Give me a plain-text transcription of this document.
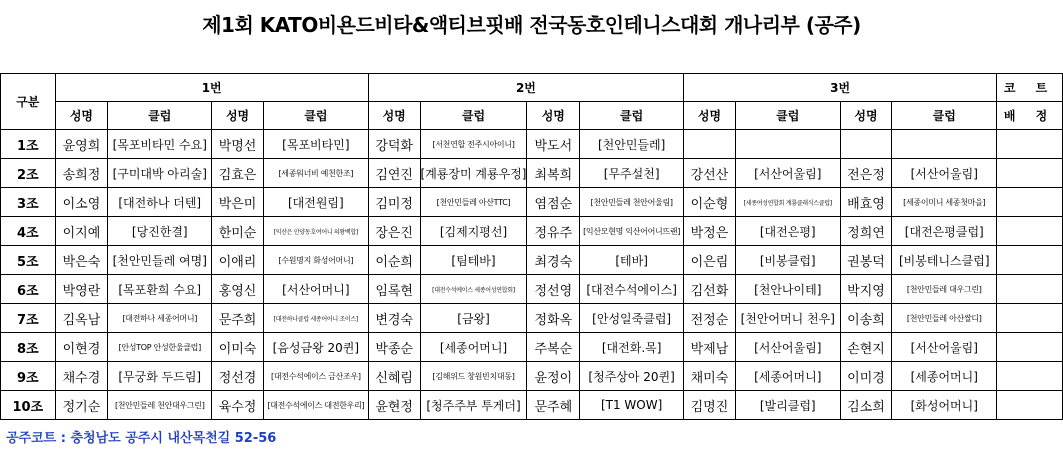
제1회 KATO비욘드비타&액티브핏배 전국동호인테니스대회 개나리부 (공주)
구분	1번				2번				3번				코 트
	성명	클럽	성명	클럽	성명	클럽	성명	클럽	성명	클럽	성명	클럽	배 정
1조	윤영희	[목포비타민 수요]	박명선	[목포비타민]	강덕화	[서천연합 전주시아이니]	박도서	[천안민들레]					
2조	송희정	[구미대박 아리술]	김효은	[세종워너비 예천한조]	김연진	[계룡장미 계룡우정]	최복희	[무주설천]	강선산	[서산어울림]	전은정	[서산어울림]	
3조	이소영	[대전하나 더텐]	박은미	[대전원림]	김미정	[천안민들레 아산TTC]	염점순	[천안민들레 천안어울림]	이순형	[세종여성연합회 계룡클래식스클럽]	배효영	[세종이미니 세종첫마을]	
4조	이지예	[당진한결]	한미순	[익산은 안양동호여어니 의왕백합]	장은진	[김제지평선]	정유주	[익산모현명 익산어어니뜨랜]	박정은	[대전은평]	정희연	[대전은평클럽]	
5조	박은숙	[천안민들레 여명]	이애리	[수원명지 화성어머니]	이순희	[팀테바]	최경숙	[테바]	이은림	[비봉클럽]	권봉덕	[비봉테니스클럽]	
6조	박영란	[목포환희 수요]	홍영신	[서산어머니]	임록현	[대전수석에이스 세종어성연합회]	정선영	[대전수석에이스]	김선화	[천안나이테]	박지영	[천안민들레 대우그린]	
7조	김옥남	[대전하나 세종어머니]	문주희	[대전하나클럽 세종어어니 조이스]	변경숙	[금왕]	정화옥	[안성일죽클럽]	전정순	[천안어머니 천우]	이송희	[천안민들레 아산쌀디]	
8조	이현경	[안성TOP 안성한울클럽]	이미숙	[음성금왕 20퀸]	박종순	[세종어머니]	주복순	[대전화.목]	박제남	[서산어울림]	손현지	[서산어울림]	
9조	채수경	[무궁화 두드림]	정선경	[대전수석에이스 금산조우]	신혜림	[김해위드 창원빈치대동]	윤정이	[청주상아 20퀸]	채미숙	[세종어머니]	이미경	[세종어머니]	
10조	정기순	[천안민들레 천안대우그린]	육수정	[대전수석에이스 대전한우리]	윤현정	[청주주부 투게더]	문주혜	[T1 WOW]	김명진	[발리클럽]	김소희	[화성어머니]	
공주코트 : 충청남도 공주시 내산목천길 52-56
